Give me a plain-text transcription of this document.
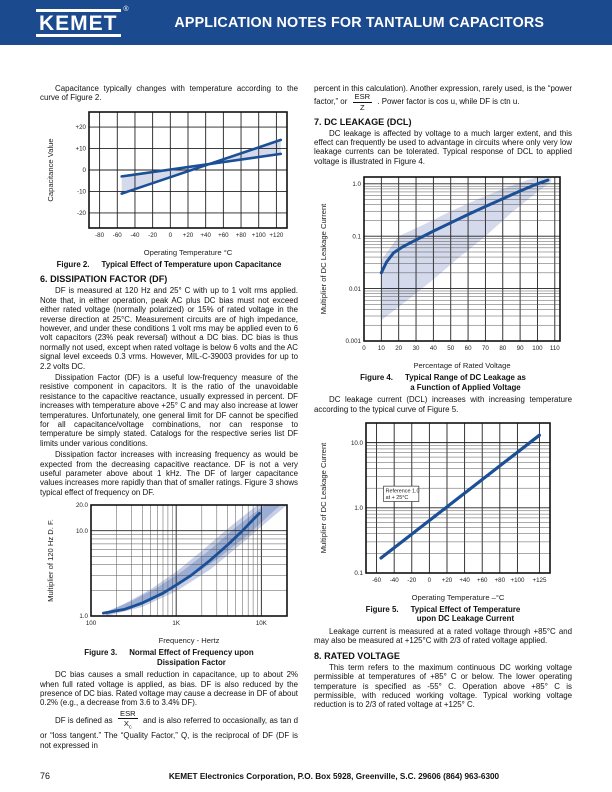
KEMET
®
APPLICATION NOTES FOR TANTALUM CAPACITORS

Capacitance typically changes with temperature according to the curve of Figure 2.

-80 -60 -40 -20 0 +20 +40 +60 +80 +100 +120
+20
+10
0
-10
-20
Operating Temperature °C
Capacitance Value
Figure 2. Typical Effect of Temperature upon Capacitance
6. DISSIPATION FACTOR (DF)

DF is measured at 120 Hz and 25° C with up to 1 volt rms applied. Note that, in either operation, peak AC plus DC bias must not exceed either rated voltage (normally polarized) or 15% of rated voltage in the reverse direction at 25°C. Measurement circuits are of high impedance, however, and under these conditions 1 volt rms may be applied even to 6 volt capacitors (23% peak reversal) without a DC bias. DC bias is thus normally not used, except when rated voltage is below 6 volts and the AC signal level exceeds 0.3 vrms. However, MIL-C-39003 provides for up to 2.2 volts DC.

Dissipation Factor (DF) is a useful low-frequency measure of the resistive component in capacitors. It is the ratio of the unavoidable resistance to the capacitive reactance, usually expressed in percent. DF increases with temperature above +25° C and may also increase at lower temperatures. Unfortunately, one general limit for DF cannot be specified for all capacitance/voltage combinations, nor can response to temperature be simply stated. Catalogs for the respective series list DF limits under various conditions.

Dissipation factor increases with increasing frequency as would be expected from the decreasing capacitive reactance. DF is not a very useful parameter above about 1 kHz. The DF of larger capacitance values increases more rapidly than that of smaller ratings. Figure 3 shows typical effect of frequency on DF.

100	1K	10K
20.0
10.0
1.0
Frequency - Hertz
Multiplier of 120 Hz D. F.
Figure 3. Normal Effect of Frequency upon
Dissipation Factor

DC bias causes a small reduction in capacitance, up to about 2% when full rated voltage is applied, as bias. DF is also reduced by the presence of DC bias. Rated voltage may cause a decrease in DF of about 0.2% (e.g., a decrease from 3.6 to 3.4% DF).

DF is defined as $\frac{\text{ESR}}{X_c}$ and is also referred to occasionally, as tan d or “loss tangent.” The “Quality Factor,” Q, is the reciprocal of DF (DF is not expressed in

percent in this calculation). Another expression, rarely used, is the “power factor,” or $\frac{\text{ESR}}{Z}$ . Power factor is cos u, while DF is ctn u.

7. DC LEAKAGE (DCL)

DC leakage is affected by voltage to a much larger extent, and this effect can frequently be used to advantage in circuits where only very low leakage currents can be tolerated. Typical response of DCL to applied voltage is illustrated in Figure 4.

0 10 20 30 40 50 60 70 80 90 100 110
1.0
0.1
0.01
0.001
Percentage of Rated Voltage
Multiplier of DC Leakage Current
Figure 4. Typical Range of DC Leakage as
a Function of Applied Voltage

DC leakage current (DCL) increases with increasing temperature according to the typical curve of Figure 5.

-60 -40 -20 0 +20 +40 +60 +80 +100 +125
10.0
1.0
0.1
Operating Temperature –°C
Multiplier of DC Leakage Current	Reference 1.0
at + 25°C
Figure 5. Typical Effect of Temperature
upon DC Leakage Current

Leakage current is measured at a rated voltage through +85°C and may also be measured at +125°C with 2/3 of rated voltage applied.

8. RATED VOLTAGE

This term refers to the maximum continuous DC working voltage permissible at temperatures of +85° C or below. The lower operating temperature is specified as -55° C. Operation above +85° C is permissible, with reduced working voltage. Typical working voltage reduction is to 2/3 of rated voltage at +125° C.

76	KEMET Electronics Corporation, P.O. Box 5928, Greenville, S.C. 29606 (864) 963-6300
